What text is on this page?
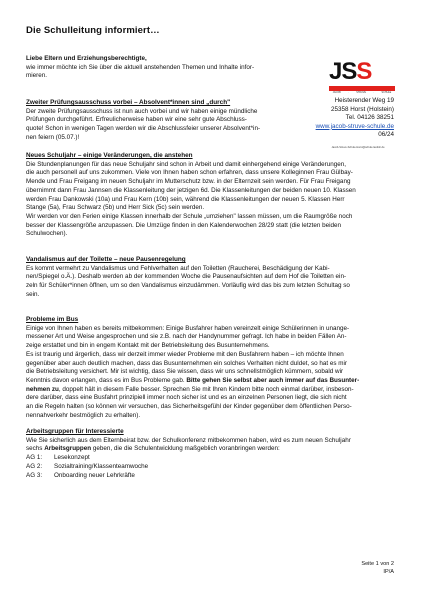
Die Schulleitung informiert…

Liebe Eltern und Erziehungsberechtigte,

wie immer möchte ich Sie über die aktuell anstehenden Themen und Inhalte infor-

mieren.	JSS
JACOB	·	STRUVE	·	SCHULE
Heisterender Weg 19
25358 Horst (Holstein)
Tel. 04126 38251
www.jacob-struve-schule.de
06/24
Jacob-Struve-Schule.Horst@schule.landsh.de

Zweiter Prüfungsausschuss vorbei – Absolvent*innen sind „durch"

Der zweite Prüfungsausschuss ist nun auch vorbei und wir haben einige mündliche

Prüfungen durchgeführt. Erfreulicherweise haben wir eine sehr gute Abschluss-

quote! Schon in wenigen Tagen werden wir die Abschlussfeier unserer Absolvent*in-

nen feiern (05.07.)!

Neues Schuljahr – einige Veränderungen, die anstehen

Die Stundenplanungen für das neue Schuljahr sind schon in Arbeit und damit einhergehend einige Veränderungen,

die auch personell auf uns zukommen. Viele von Ihnen haben schon erfahren, dass unsere Kolleginnen Frau Gülbay-

Mende und Frau Freigang im neuen Schuljahr im Mutterschutz bzw. in der Elternzeit sein werden. Für Frau Freigang

übernimmt dann Frau Jannsen die Klassenleitung der jetzigen 6d. Die Klassenleitungen der beiden neuen 10. Klassen

werden Frau Dankowski (10a) und Frau Kern (10b) sein, während die Klassenleitungen der neuen 5. Klassen Herr

Stange (5a), Frau Schwarz (5b) und Herr Sick (5c) sein werden.

Wir werden vor den Ferien einige Klassen innerhalb der Schule „umziehen" lassen müssen, um die Raumgröße noch

besser der Klassengröße anzupassen. Die Umzüge finden in den Kalenderwochen 28/29 statt (die letzten beiden

Schulwochen).

Vandalismus auf der Toilette – neue Pausenregelung

Es kommt vermehrt zu Vandalismus und Fehlverhalten auf den Toiletten (Raucherei, Beschädigung der Kabi-

nen/Spiegel o.Ä.). Deshalb werden ab der kommenden Woche die Pausenaufsichten auf dem Hof die Toiletten ein-

zeln für Schüler*innen öffnen, um so den Vandalismus einzudämmen. Vorläufig wird das bis zum letzten Schultag so

sein.

Probleme im Bus

Einige von Ihnen haben es bereits mitbekommen: Einige Busfahrer haben vereinzelt einige Schülerinnen in unange-

messener Art und Weise angesprochen und sie z.B. nach der Handynummer gefragt. Ich habe in beiden Fällen An-

zeige erstattet und bin in engem Kontakt mit der Betriebsleitung des Busunternehmens.

Es ist traurig und ärgerlich, dass wir derzeit immer wieder Probleme mit den Busfahrern haben – ich möchte Ihnen

gegenüber aber auch deutlich machen, dass das Busunternehmen ein solches Verhalten nicht duldet, so hat es mir

die Betriebsleitung versichert. Mir ist wichtig, dass Sie wissen, dass wir uns schnellstmöglich kümmern, sobald wir

Kenntnis davon erlangen, dass es im Bus Probleme gab. Bitte gehen Sie selbst aber auch immer auf das Busunter-

nehmen zu, doppelt hält in diesem Falle besser. Sprechen Sie mit Ihren Kindern bitte noch einmal darüber, insbeson-

dere darüber, dass eine Busfahrt prinzipiell immer noch sicher ist und es an einzelnen Personen liegt, die sich nicht

an die Regeln halten (so können wir versuchen, das Sicherheitsgefühl der Kinder gegenüber dem öffentlichen Perso-

nennahverkehr bestmöglich zu erhalten).

Arbeitsgruppen für Interessierte

Wie Sie sicherlich aus dem Elternbeirat bzw. der Schulkonferenz mitbekommen haben, wird es zum neuen Schuljahr

sechs Arbeitsgruppen geben, die die Schulentwicklung maßgeblich voranbringen werden:

AG 1: Lesekonzept

AG 2: Sozialtraining/Klassenteamwoche

AG 3: Onboarding neuer Lehrkräfte

Seite 1 von 2
IP/A
